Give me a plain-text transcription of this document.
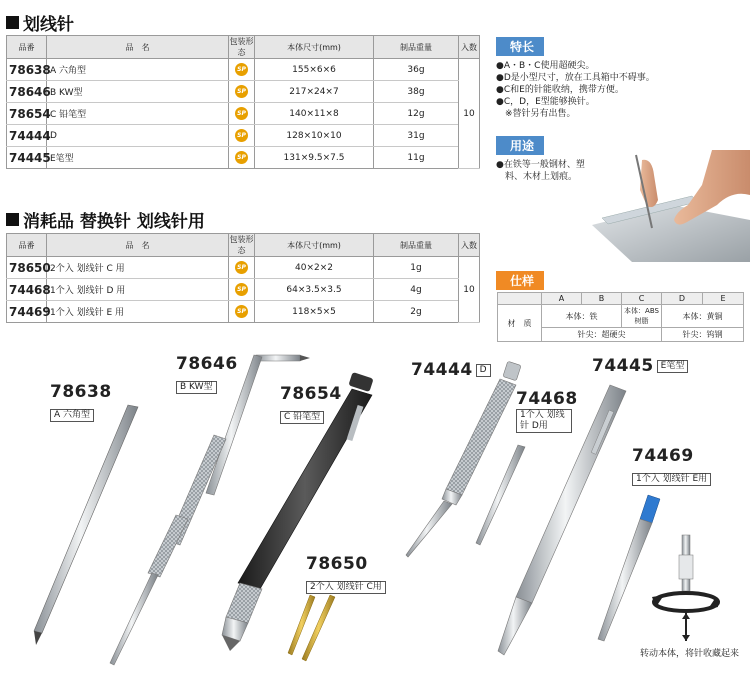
划线针
品番	品　名	包装形态	本体尺寸(mm)	制品重量	入数
78638	A 六角型	SP	155×6×6	36g	10
78646	B KW型	SP	217×24×7	38g	
78654	C 铅笔型	SP	140×11×8	12g	
74444	D	SP	128×10×10	31g	
74445	E笔型	SP	131×9.5×7.5	11g	
消耗品 替换针 划线针用
品番	品　名	包装形态	本体尺寸(mm)	制品重量	入数
78650	2个入 划线针 C 用	SP	40×2×2	1g	10
74468	1个入 划线针 D 用	SP	64×3.5×3.5	4g	
74469	1个入 划线针 E 用	SP	118×5×5	2g	
特长
●A・B・C使用超硬尖。
●D是小型尺寸，放在工具箱中不碍事。
●C和E的针能收纳，携带方便。
●C，D，E型能够换针。
　※替针另有出售。
用途
●在铁等一般钢材、塑
　料、木材上划痕。
仕样
	A	B	C	D	E
材　质	本体：铁		本体：ABS树脂	本体：黄铜	
	针尖：超硬尖			针尖：钨钢	
78638
A 六角型
78646
B KW型	78654
C 铅笔型
74444 D
74468
1个入 划线针 D用
74445 E笔型
74469
1个入 划线针 E用
78650
2个入 划线针 C用
转动本体，将针收藏起来
